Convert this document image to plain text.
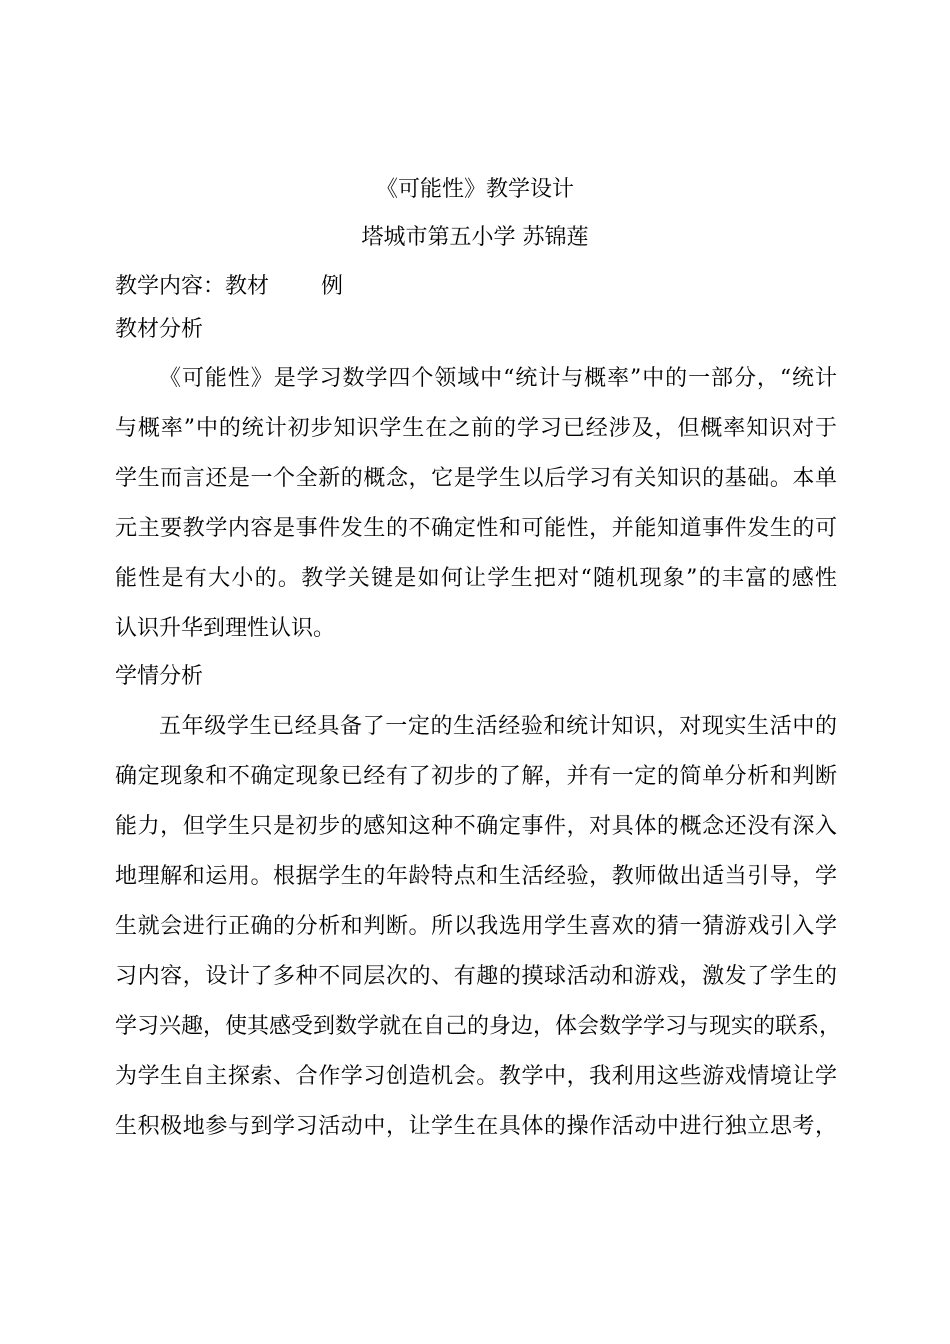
《可能性》教学设计
塔城市第五小学 苏锦莲
教学内容：教材 例
教材分析
《可能性》是学习数学四个领域中“统计与概率”中的一部分，“统计
与概率”中的统计初步知识学生在之前的学习已经涉及，但概率知识对于
学生而言还是一个全新的概念，它是学生以后学习有关知识的基础。本单
元主要教学内容是事件发生的不确定性和可能性，并能知道事件发生的可
能性是有大小的。教学关键是如何让学生把对“随机现象”的丰富的感性
认识升华到理性认识。
学情分析
五年级学生已经具备了一定的生活经验和统计知识，对现实生活中的
确定现象和不确定现象已经有了初步的了解，并有一定的简单分析和判断
能力，但学生只是初步的感知这种不确定事件，对具体的概念还没有深入
地理解和运用。根据学生的年龄特点和生活经验，教师做出适当引导，学
生就会进行正确的分析和判断。所以我选用学生喜欢的猜一猜游戏引入学
习内容，设计了多种不同层次的、有趣的摸球活动和游戏，激发了学生的
学习兴趣，使其感受到数学就在自己的身边，体会数学学习与现实的联系，
为学生自主探索、合作学习创造机会。教学中，我利用这些游戏情境让学
生积极地参与到学习活动中，让学生在具体的操作活动中进行独立思考，
